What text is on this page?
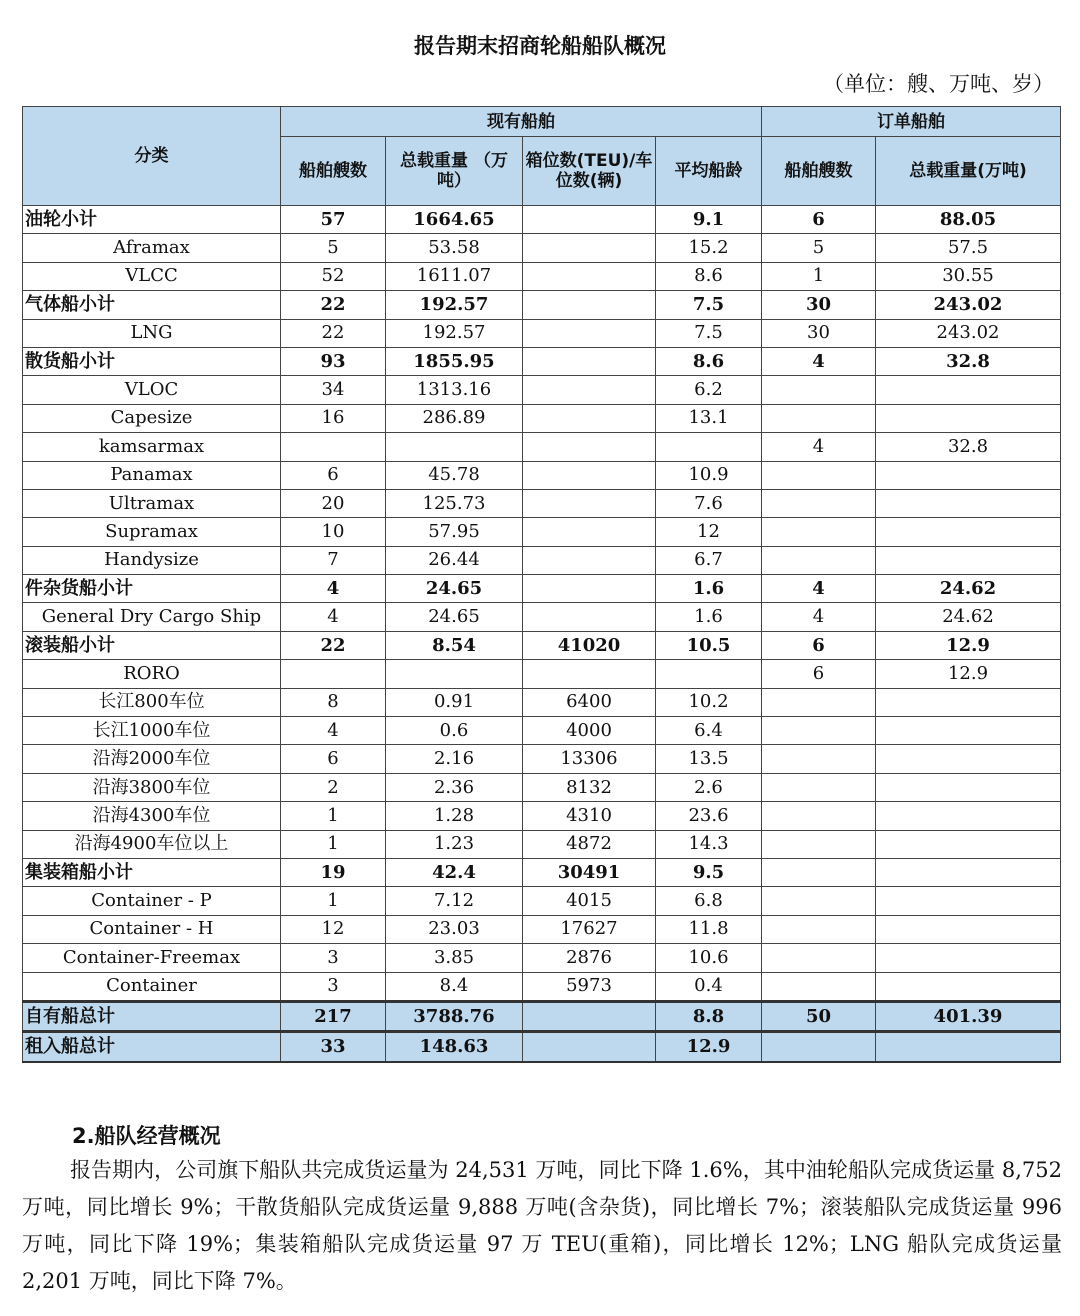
报告期末招商轮船船队概况
（单位：艘、万吨、岁）
分类	现有船舶				订单船舶	
	船舶艘数	总载重量 （万吨）	箱位数(TEU)/车位数(辆)	平均船龄	船舶艘数	总载重量(万吨)
油轮小计	57	1664.65		9.1	6	88.05
Aframax	5	53.58		15.2	5	57.5
VLCC	52	1611.07		8.6	1	30.55
气体船小计	22	192.57		7.5	30	243.02
LNG	22	192.57		7.5	30	243.02
散货船小计	93	1855.95		8.6	4	32.8
VLOC	34	1313.16		6.2		
Capesize	16	286.89		13.1		
kamsarmax					4	32.8
Panamax	6	45.78		10.9		
Ultramax	20	125.73		7.6		
Supramax	10	57.95		12		
Handysize	7	26.44		6.7		
件杂货船小计	4	24.65		1.6	4	24.62
General Dry Cargo Ship	4	24.65		1.6	4	24.62
滚装船小计	22	8.54	41020	10.5	6	12.9
RORO					6	12.9
长江800车位	8	0.91	6400	10.2		
长江1000车位	4	0.6	4000	6.4		
沿海2000车位	6	2.16	13306	13.5		
沿海3800车位	2	2.36	8132	2.6		
沿海4300车位	1	1.28	4310	23.6		
沿海4900车位以上	1	1.23	4872	14.3		
集装箱船小计	19	42.4	30491	9.5		
Container - P	1	7.12	4015	6.8		
Container - H	12	23.03	17627	11.8		
Container-Freemax	3	3.85	2876	10.6		
Container	3	8.4	5973	0.4		
自有船总计	217	3788.76		8.8	50	401.39
租入船总计	33	148.63		12.9		
2.船队经营概况
报告期内，公司旗下船队共完成货运量为 24,531 万吨，同比下降 1.6%，其中油轮船队完成货运量 8,752 万吨，同比增长 9%；干散货船队完成货运量 9,888 万吨(含杂货)，同比增长 7%；滚装船队完成货运量 996 万吨，同比下降 19%；集装箱船队完成货运量 97 万 TEU(重箱)，同比增长 12%；LNG 船队完成货运量 2,201 万吨，同比下降 7%。
